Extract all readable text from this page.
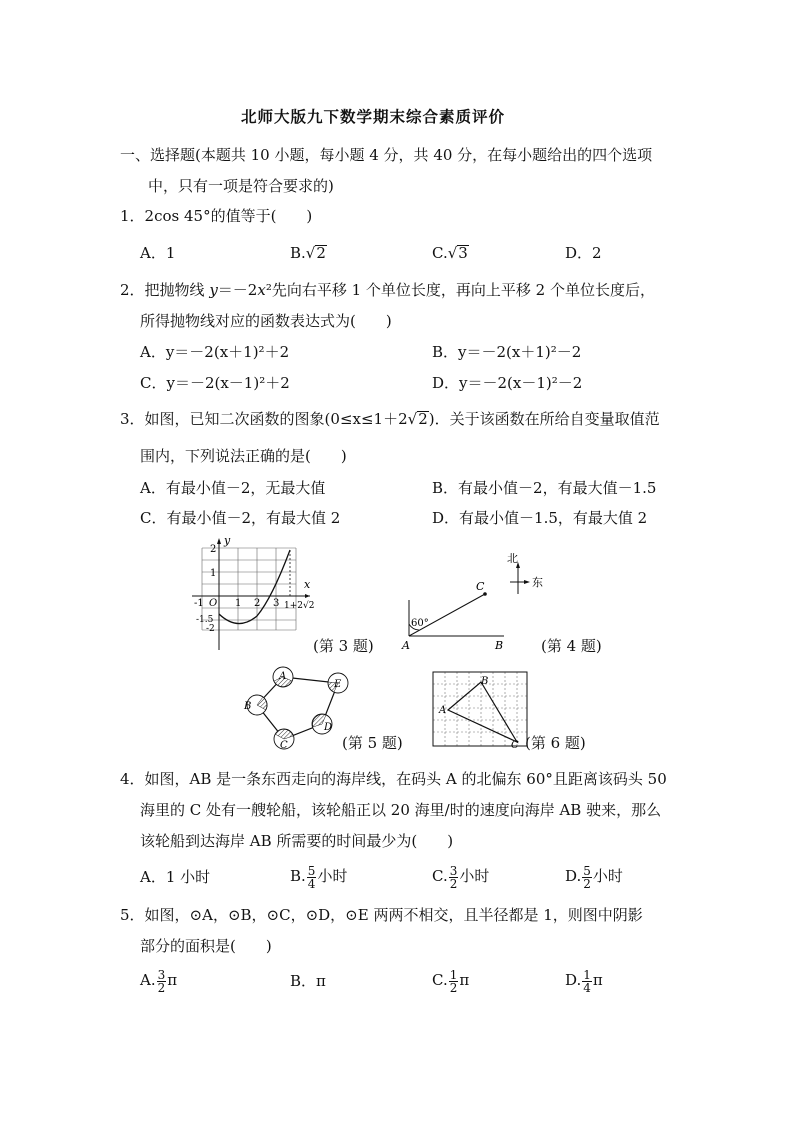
北师大版九下数学期末综合素质评价
一、选择题(本题共 10 小题，每小题 4 分，共 40 分，在每小题给出的四个选项
中，只有一项是符合要求的)
1．2cos 45°的值等于(　　)
A．1	B.√2	C.√3	D．2
2．把抛物线 y＝－2x²先向右平移 1 个单位长度，再向上平移 2 个单位长度后，
所得抛物线对应的函数表达式为(　　)
A．y＝－2(x＋1)²＋2	B．y＝－2(x＋1)²－2
C．y＝－2(x－1)²＋2	D．y＝－2(x－1)²－2
3．如图，已知二次函数的图象(0≤x≤1＋2√2)．关于该函数在所给自变量取值范
围内，下列说法正确的是(　　)
A．有最小值－2，无最大值	B．有最小值－2，有最大值－1.5
C．有最小值－2，有最大值 2	D．有最小值－1.5，有最大值 2
y
x
O
-1	1 2 3
2
1
-1.5
-2
1+2√2
(第 3 题)
60°
A	B
C
北
东
(第 4 题)
A
B
C
D
E
(第 5 题)
A
B
C (第 6 题)
4．如图，AB 是一条东西走向的海岸线，在码头 A 的北偏东 60°且距离该码头 50
海里的 C 处有一艘轮船，该轮船正以 20 海里/时的速度向海岸 AB 驶来，那么
该轮船到达海岸 AB 所需要的时间最少为(　　)
A．1 小时	B. $\frac{5}{4}$ 小时	C. $\frac{3}{2}$ 小时	D. $\frac{5}{2}$ 小时
5．如图，⊙A，⊙B，⊙C，⊙D，⊙E 两两不相交，且半径都是 1，则图中阴影
部分的面积是(　　)
A. $\frac{3}{2}$ π	B．π	C. $\frac{1}{2}$ π	D. $\frac{1}{4}$ π
